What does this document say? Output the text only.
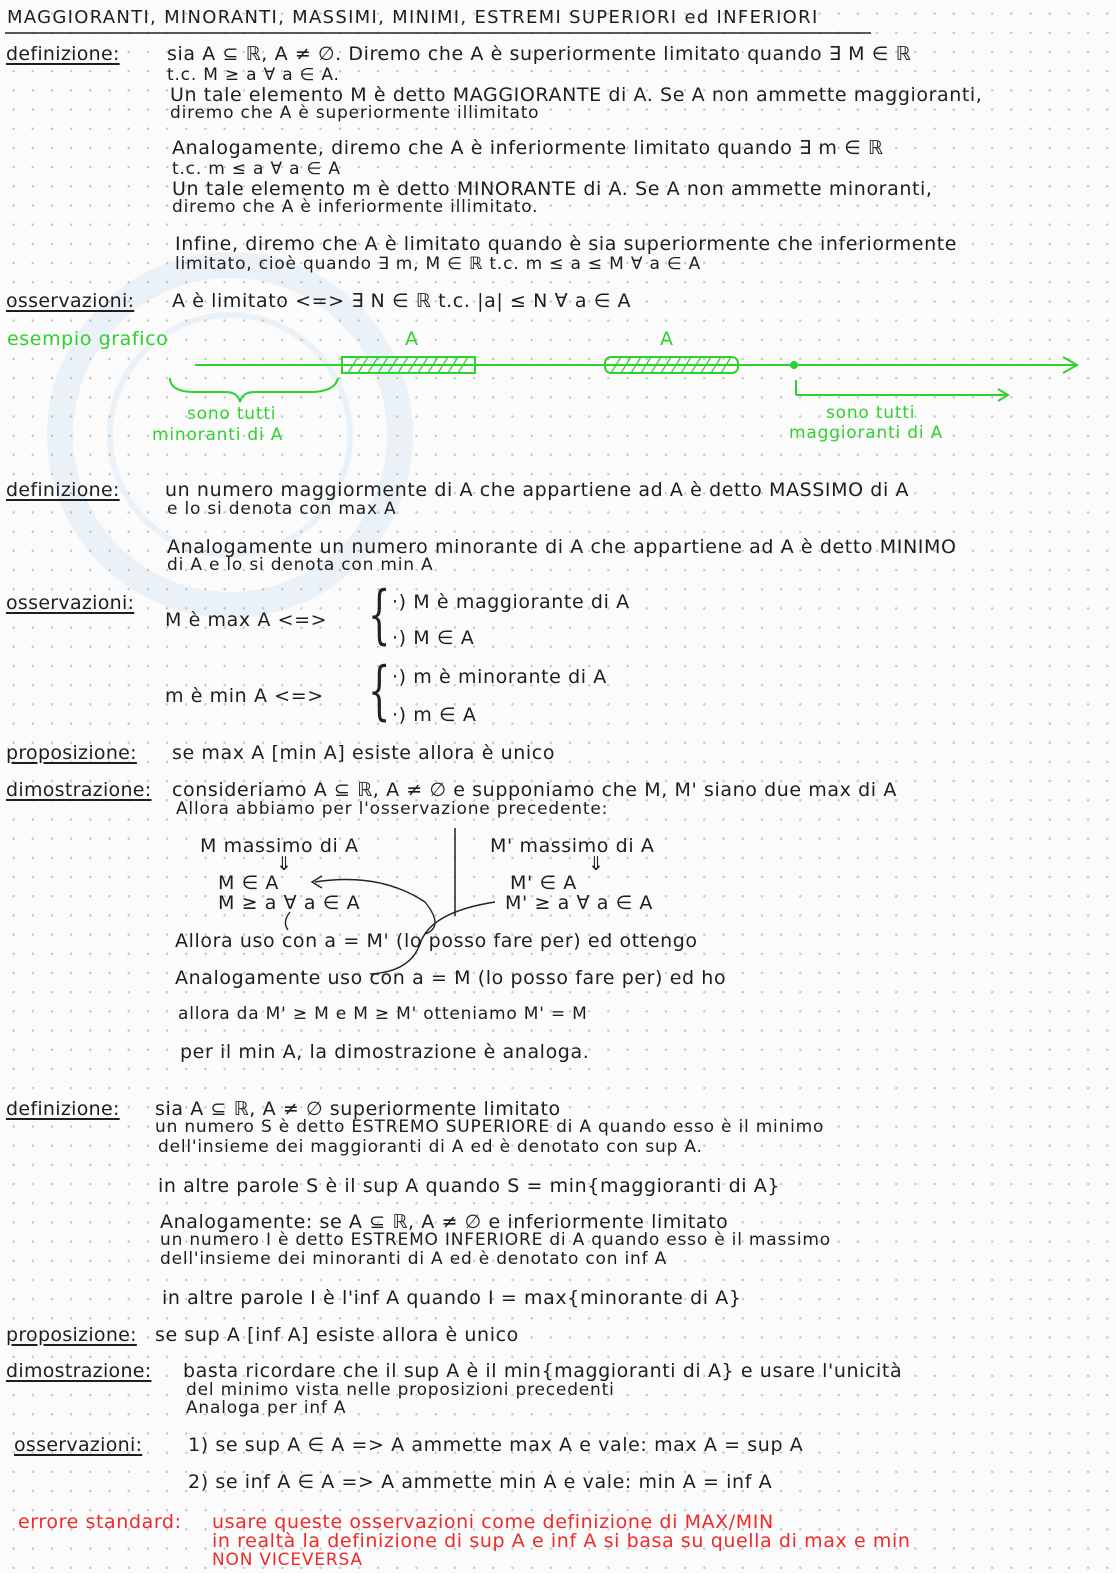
MAGGIORANTI, MINORANTI, MASSIMI, MINIMI, ESTREMI SUPERIORI ed INFERIORI
definizione: sia A ⊆ ℝ, A ≠ ∅. Diremo che A è superiormente limitato quando ∃ M ∈ ℝ
t.c. M ≥ a ∀ a ∈ A.
Un tale elemento M è detto MAGGIORANTE di A. Se A non ammette maggioranti,
diremo che A è superiormente illimitato
Analogamente, diremo che A è inferiormente limitato quando ∃ m ∈ ℝ
t.c. m ≤ a ∀ a ∈ A
Un tale elemento m è detto MINORANTE di A. Se A non ammette minoranti,
diremo che A è inferiormente illimitato.
Infine, diremo che A è limitato quando è sia superiormente che inferiormente
limitato, cioè quando ∃ m, M ∈ ℝ t.c. m ≤ a ≤ M ∀ a ∈ A
osservazioni: A è limitato <=> ∃ N ∈ ℝ t.c. |a| ≤ N ∀ a ∈ A
esempio grafico	A	A
sono tutti
minoranti di A
sono tutti
maggioranti di A
definizione: un numero maggiormente di A che appartiene ad A è detto MASSIMO di A
e lo si denota con max A
Analogamente un numero minorante di A che appartiene ad A è detto MINIMO
di A e lo si denota con min A
osservazioni:
M è max A <=> { ·) M è maggiorante di A
·) M ∈ A
m è min A <=> { ·) m è minorante di A
·) m ∈ A
proposizione: se max A [min A] esiste allora è unico
dimostrazione: consideriamo A ⊆ ℝ, A ≠ ∅ e supponiamo che M, M' siano due max di A
Allora abbiamo per l'osservazione precedente:
M massimo di A
⇓
M ∈ A
M ≥ a ∀ a ∈ A
M' massimo di A
⇓
M' ∈ A
M' ≥ a ∀ a ∈ A
Allora uso con a = M' (lo posso fare per) ed ottengo
Analogamente uso con a = M (lo posso fare per) ed ho
allora da M' ≥ M e M ≥ M' otteniamo M' = M
per il min A, la dimostrazione è analoga.
definizione: sia A ⊆ ℝ, A ≠ ∅ superiormente limitato
un numero S è detto ESTREMO SUPERIORE di A quando esso è il minimo
dell'insieme dei maggioranti di A ed è denotato con sup A.
in altre parole S è il sup A quando S = min{maggioranti di A}
Analogamente: se A ⊆ ℝ, A ≠ ∅ e inferiormente limitato
un numero I è detto ESTREMO INFERIORE di A quando esso è il massimo
dell'insieme dei minoranti di A ed è denotato con inf A
in altre parole I è l'inf A quando I = max{minorante di A}
proposizione: se sup A [inf A] esiste allora è unico
dimostrazione: basta ricordare che il sup A è il min{maggioranti di A} e usare l'unicità
del minimo vista nelle proposizioni precedenti
Analoga per inf A
osservazioni: 1) se sup A ∈ A => A ammette max A e vale: max A = sup A
2) se inf A ∈ A => A ammette min A e vale: min A = inf A
errore standard: usare queste osservazioni come definizione di MAX/MIN
in realtà la definizione di sup A e inf A si basa su quella di max e min
NON VICEVERSA
